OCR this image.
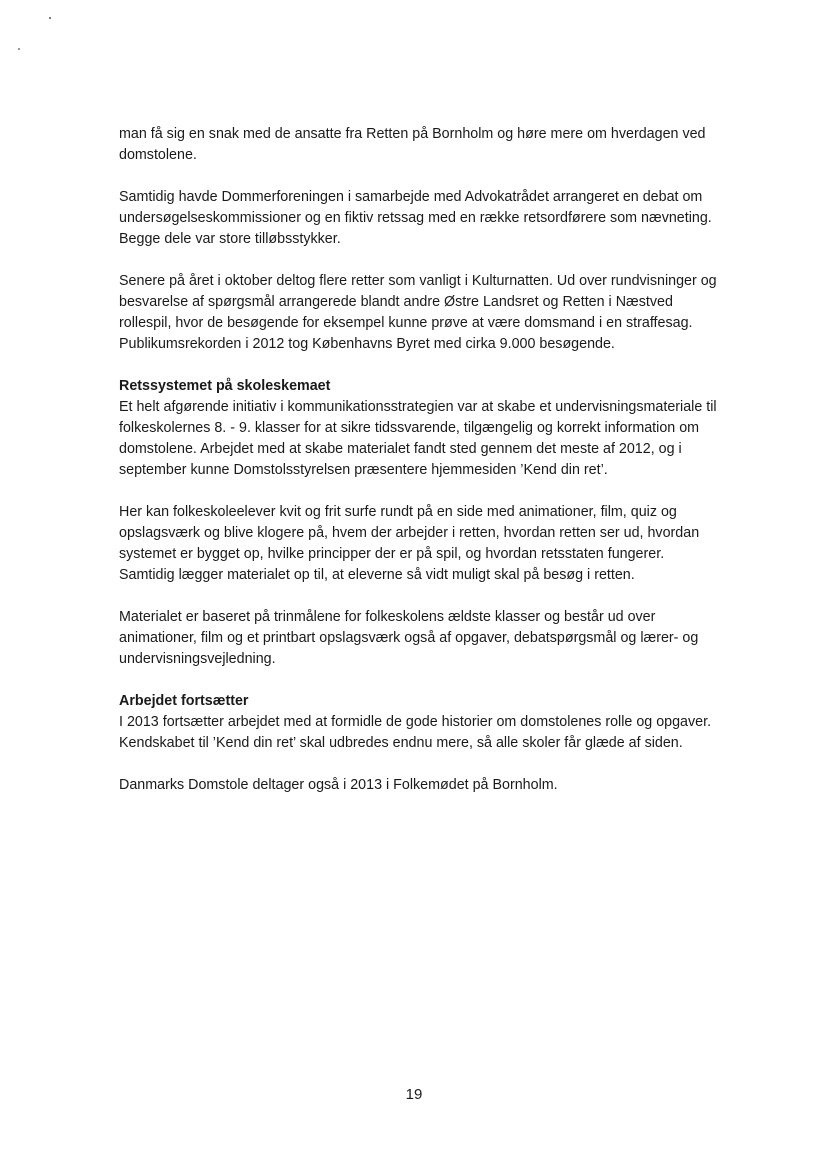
man få sig en snak med de ansatte fra Retten på Bornholm og høre mere om hverdagen ved domstolene.

Samtidig havde Dommerforeningen i samarbejde med Advokatrådet arrangeret en debat om undersøgelseskommissioner og en fiktiv retssag med en række retsordførere som nævneting. Begge dele var store tilløbsstykker.

Senere på året i oktober deltog flere retter som vanligt i Kulturnatten. Ud over rundvisninger og besvarelse af spørgsmål arrangerede blandt andre Østre Landsret og Retten i Næstved rollespil, hvor de besøgende for eksempel kunne prøve at være domsmand i en straffesag. Publikumsrekorden i 2012 tog Københavns Byret med cirka 9.000 besøgende.

Retssystemet på skoleskemaet

Et helt afgørende initiativ i kommunikationsstrategien var at skabe et undervisningsmateriale til folkeskolernes 8. - 9. klasser for at sikre tidssvarende, tilgængelig og korrekt information om domstolene. Arbejdet med at skabe materialet fandt sted gennem det meste af 2012, og i september kunne Domstolsstyrelsen præsentere hjemmesiden ’Kend din ret’.

Her kan folkeskoleelever kvit og frit surfe rundt på en side med animationer, film, quiz og opslagsværk og blive klogere på, hvem der arbejder i retten, hvordan retten ser ud, hvordan systemet er bygget op, hvilke principper der er på spil, og hvordan retsstaten fungerer. Samtidig lægger materialet op til, at eleverne så vidt muligt skal på besøg i retten.

Materialet er baseret på trinmålene for folkeskolens ældste klasser og består ud over animationer, film og et printbart opslagsværk også af opgaver, debatspørgsmål og lærer- og undervisningsvejledning.

Arbejdet fortsætter

I 2013 fortsætter arbejdet med at formidle de gode historier om domstolenes rolle og opgaver. Kendskabet til ’Kend din ret’ skal udbredes endnu mere, så alle skoler får glæde af siden.

Danmarks Domstole deltager også i 2013 i Folkemødet på Bornholm.

19
